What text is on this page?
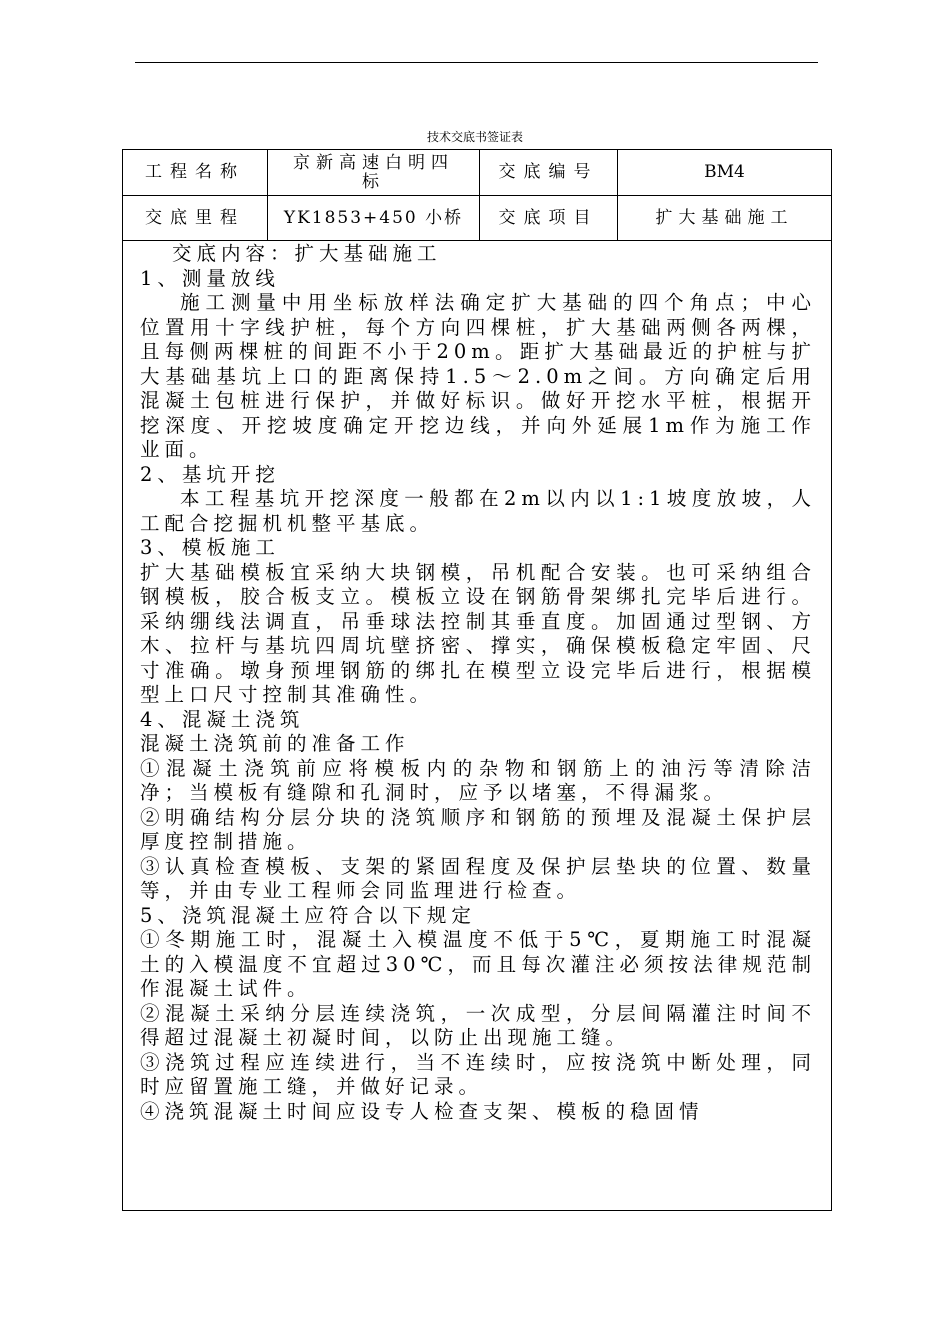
技术交底书签证表
工程名称	京新高速白明四标	交底编号	BM4
交底里程	YK1853+450 小桥	交底项目	扩大基础施工

交底内容：扩大基础施工

1、测量放线

施工测量中用坐标放样法确定扩大基础的四个角点；中心位置用十字线护桩，每个方向四棵桩，扩大基础两侧各两棵，且每侧两棵桩的间距不小于20m。距扩大基础最近的护桩与扩大基础基坑上口的距离保持1.5～2.0m之间。方向确定后用混凝土包桩进行保护，并做好标识。做好开挖水平桩，根据开挖深度、开挖坡度确定开挖边线，并向外延展1m作为施工作业面。

2、基坑开挖

本工程基坑开挖深度一般都在2m以内以1:1坡度放坡，人工配合挖掘机机整平基底。

3、模板施工

扩大基础模板宜采纳大块钢模，吊机配合安装。也可采纳组合钢模板，胶合板支立。模板立设在钢筋骨架绑扎完毕后进行。采纳绷线法调直，吊垂球法控制其垂直度。加固通过型钢、方木、拉杆与基坑四周坑壁挤密、撑实，确保模板稳定牢固、尺寸准确。墩身预埋钢筋的绑扎在模型立设完毕后进行，根据模型上口尺寸控制其准确性。

4、混凝土浇筑

混凝土浇筑前的准备工作

①混凝土浇筑前应将模板内的杂物和钢筋上的油污等清除洁净；当模板有缝隙和孔洞时，应予以堵塞，不得漏浆。

②明确结构分层分块的浇筑顺序和钢筋的预埋及混凝土保护层厚度控制措施。

③认真检查模板、支架的紧固程度及保护层垫块的位置、数量等，并由专业工程师会同监理进行检查。

5、浇筑混凝土应符合以下规定

①冬期施工时，混凝土入模温度不低于5℃，夏期施工时混凝土的入模温度不宜超过30℃，而且每次灌注必须按法律规范制作混凝土试件。

②混凝土采纳分层连续浇筑，一次成型，分层间隔灌注时间不得超过混凝土初凝时间，以防止出现施工缝。

③浇筑过程应连续进行，当不连续时，应按浇筑中断处理，同时应留置施工缝，并做好记录。

④浇筑混凝土时间应设专人检查支架、模板的稳固情
